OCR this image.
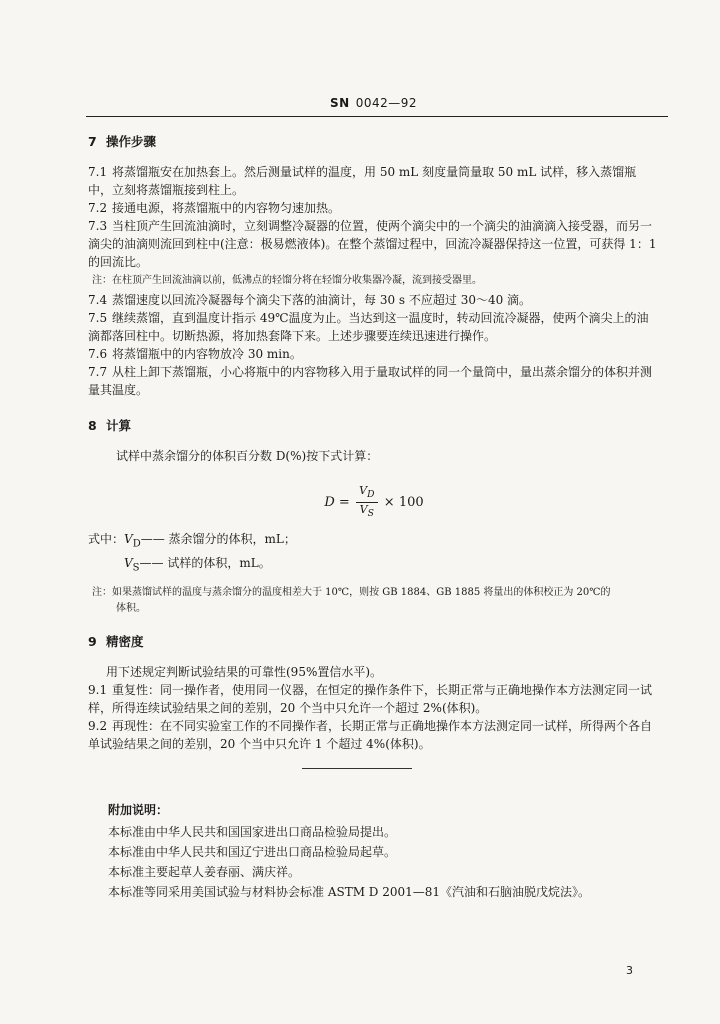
SN 0042—92
7 操作步骤

7.1 将蒸馏瓶安在加热套上。然后测量试样的温度，用 50 mL 刻度量筒量取 50 mL 试样，移入蒸馏瓶中，立刻将蒸馏瓶接到柱上。

7.2 接通电源，将蒸馏瓶中的内容物匀速加热。

7.3 当柱顶产生回流油滴时，立刻调整冷凝器的位置，使两个滴尖中的一个滴尖的油滴滴入接受器，而另一滴尖的油滴则流回到柱中(注意：极易燃液体)。在整个蒸馏过程中，回流冷凝器保持这一位置，可获得 1：1 的回流比。

注：在柱顶产生回流油滴以前，低沸点的轻馏分将在轻馏分收集器冷凝，流到接受器里。

7.4 蒸馏速度以回流冷凝器每个滴尖下落的油滴计，每 30 s 不应超过 30～40 滴。

7.5 继续蒸馏，直到温度计指示 49℃温度为止。当达到这一温度时，转动回流冷凝器，使两个滴尖上的油滴都落回柱中。切断热源，将加热套降下来。上述步骤要连续迅速进行操作。

7.6 将蒸馏瓶中的内容物放冷 30 min。

7.7 从柱上卸下蒸馏瓶，小心将瓶中的内容物移入用于量取试样的同一个量筒中，量出蒸余馏分的体积并测量其温度。

8 计算

试样中蒸余馏分的体积百分数 D(%)按下式计算：

$D = \frac{V_D}{V_S} \times 100$

式中：$V_D——$ 蒸余馏分的体积，mL；

$V_S——$ 试样的体积，mL。

注：如果蒸馏试样的温度与蒸余馏分的温度相差大于 10℃，则按 GB 1884、GB 1885 将量出的体积校正为 20℃的
体积。

9 精密度

用下述规定判断试验结果的可靠性(95%置信水平)。

9.1 重复性：同一操作者，使用同一仪器，在恒定的操作条件下，长期正常与正确地操作本方法测定同一试样，所得连续试验结果之间的差别，20 个当中只允许一个超过 2%(体积)。

9.2 再现性：在不同实验室工作的不同操作者，长期正常与正确地操作本方法测定同一试样，所得两个各自单试验结果之间的差别，20 个当中只允许 1 个超过 4%(体积)。

附加说明：
本标准由中华人民共和国国家进出口商品检验局提出。
本标准由中华人民共和国辽宁进出口商品检验局起草。
本标准主要起草人姜春丽、满庆祥。
本标准等同采用美国试验与材料协会标准 ASTM D 2001—81《汽油和石脑油脱戊烷法》。
3
